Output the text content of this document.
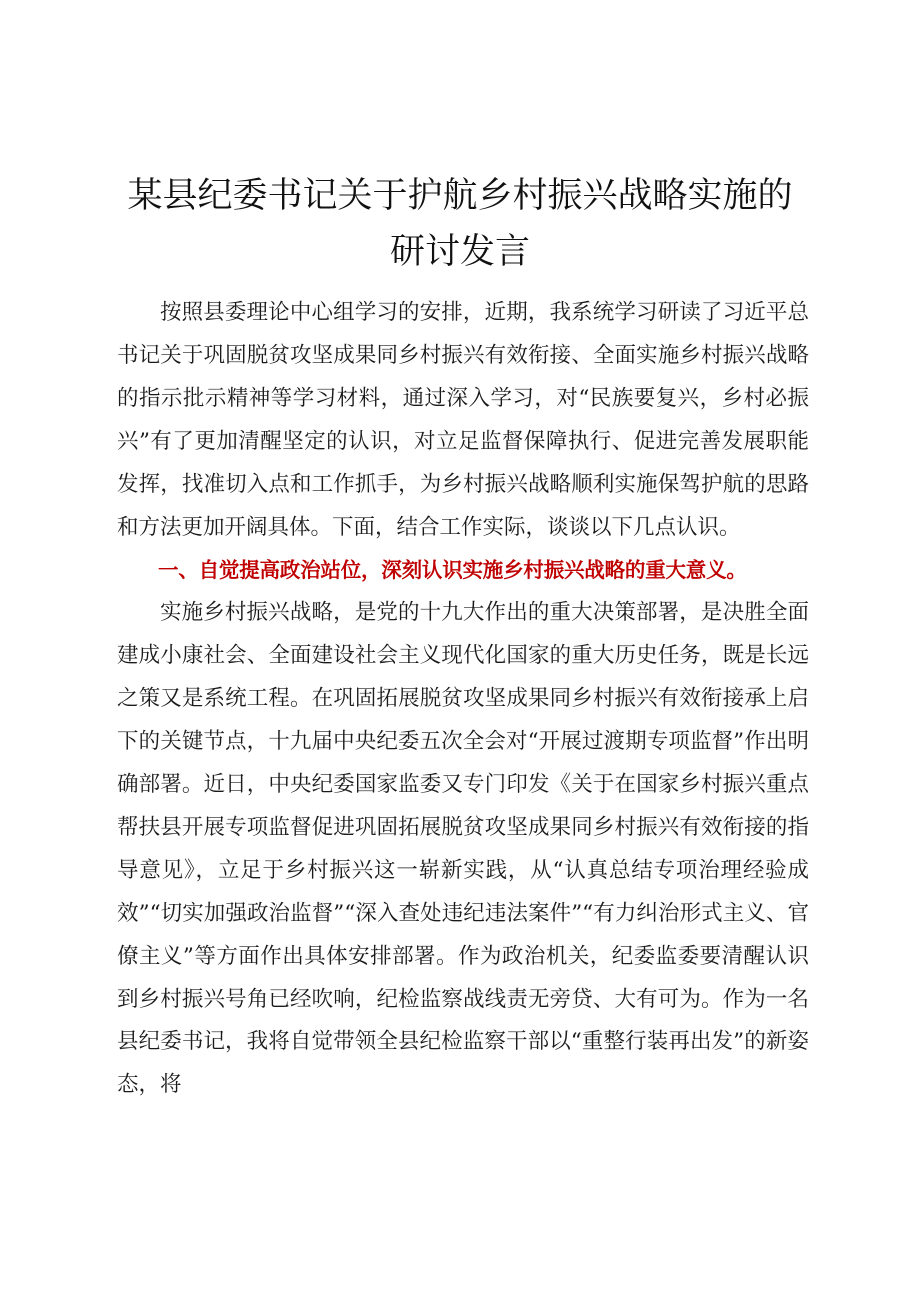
某县纪委书记关于护航乡村振兴战略实施的
研讨发言

按照县委理论中心组学习的安排，近期，我系统学习研读了习近平总书记关于巩固脱贫攻坚成果同乡村振兴有效衔接、全面实施乡村振兴战略的指示批示精神等学习材料，通过深入学习，对“民族要复兴，乡村必振兴”有了更加清醒坚定的认识，对立足监督保障执行、促进完善发展职能发挥，找准切入点和工作抓手，为乡村振兴战略顺利实施保驾护航的思路和方法更加开阔具体。下面，结合工作实际，谈谈以下几点认识。

一、自觉提高政治站位，深刻认识实施乡村振兴战略的重大意义。

实施乡村振兴战略，是党的十九大作出的重大决策部署，是决胜全面建成小康社会、全面建设社会主义现代化国家的重大历史任务，既是长远之策又是系统工程。在巩固拓展脱贫攻坚成果同乡村振兴有效衔接承上启下的关键节点，十九届中央纪委五次全会对“开展过渡期专项监督”作出明确部署。近日，中央纪委国家监委又专门印发《关于在国家乡村振兴重点帮扶县开展专项监督促进巩固拓展脱贫攻坚成果同乡村振兴有效衔接的指导意见》，立足于乡村振兴这一崭新实践，从“认真总结专项治理经验成效”“切实加强政治监督”“深入查处违纪违法案件”“有力纠治形式主义、官僚主义”等方面作出具体安排部署。作为政治机关，纪委监委要清醒认识到乡村振兴号角已经吹响，纪检监察战线责无旁贷、大有可为。作为一名县纪委书记，我将自觉带领全县纪检监察干部以“重整行装再出发”的新姿态，将
